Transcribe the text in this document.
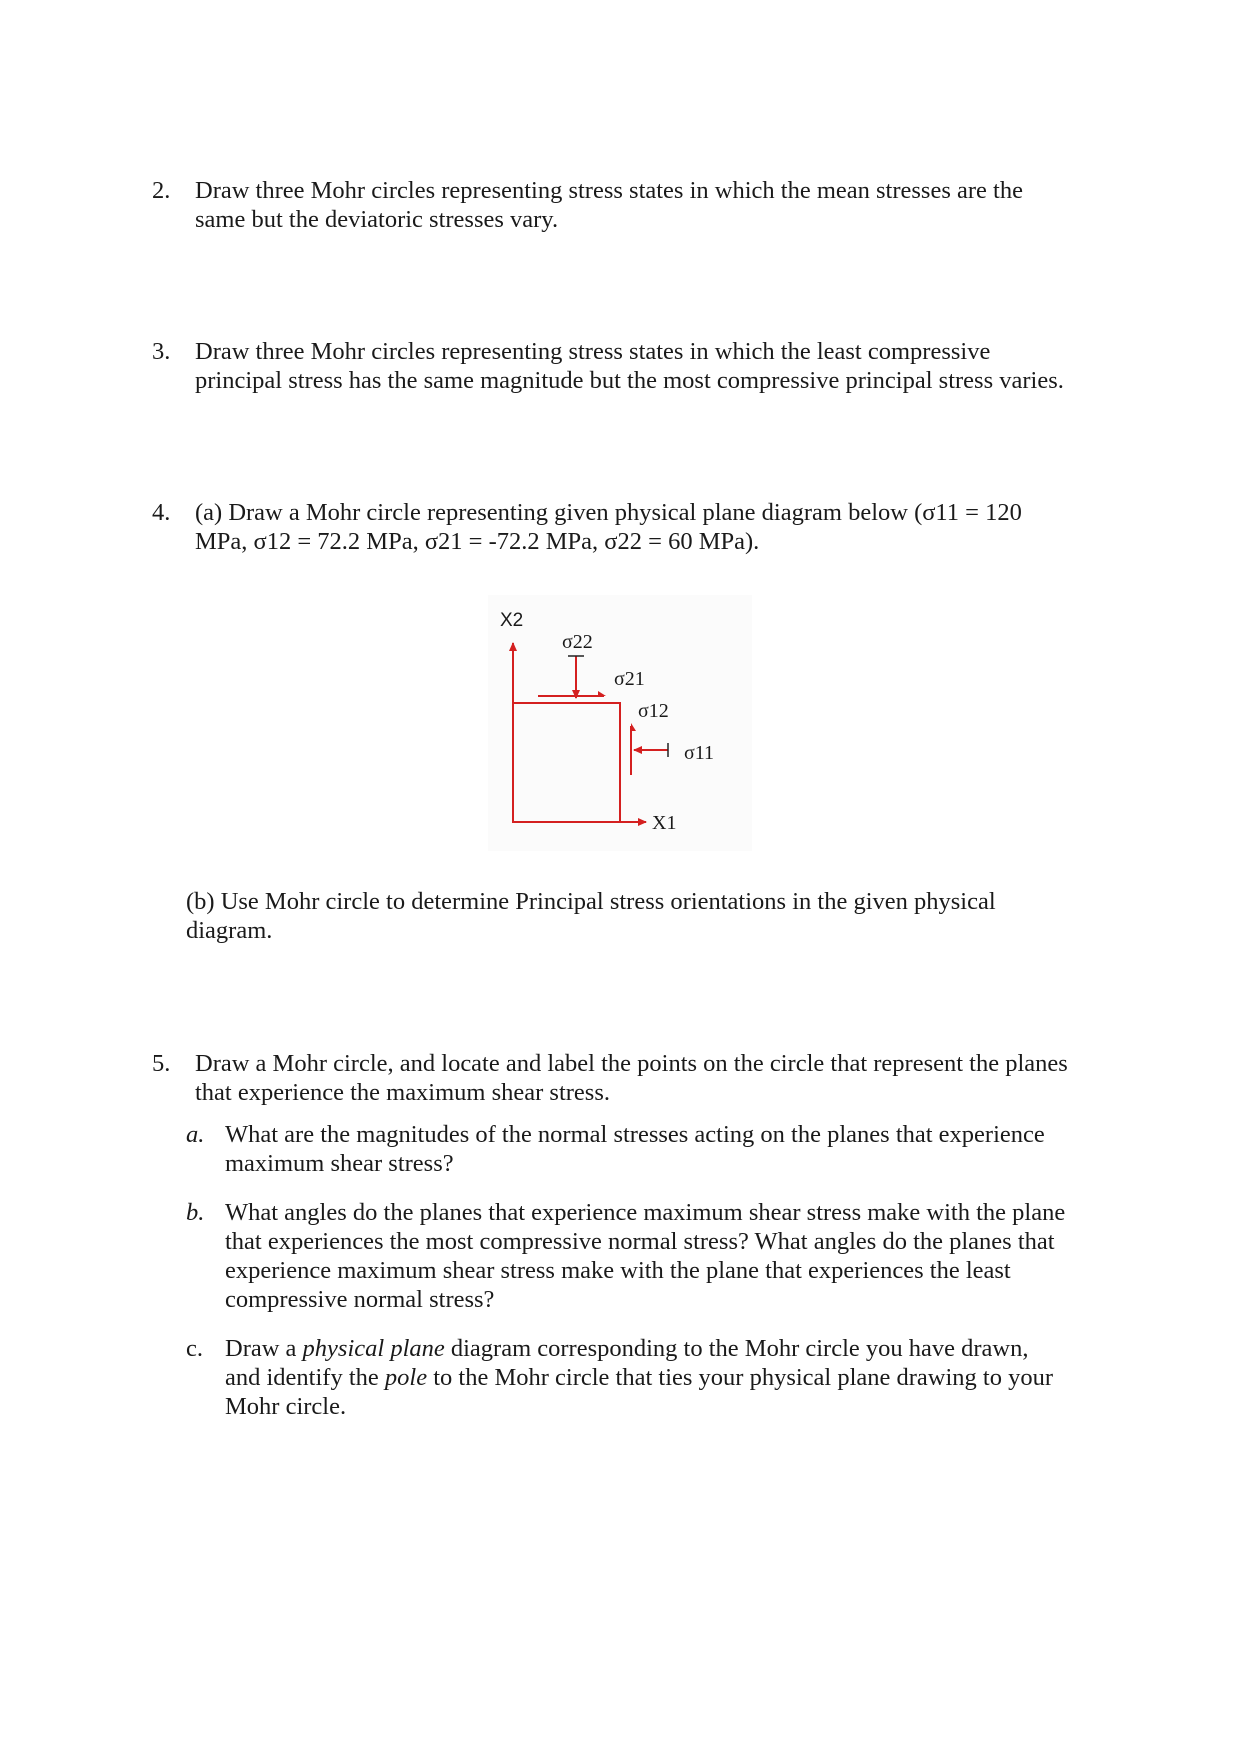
2. Draw three Mohr circles representing stress states in which the mean stresses are the

same but the deviatoric stresses vary.

3. Draw three Mohr circles representing stress states in which the least compressive

principal stress has the same magnitude but the most compressive principal stress varies.

4. (a) Draw a Mohr circle representing given physical plane diagram below (σ11 = 120

MPa, σ12 = 72.2 MPa, σ21 = -72.2 MPa, σ22 = 60 MPa).

X2
X1
σ22
σ21
σ12
σ11

(b) Use Mohr circle to determine Principal stress orientations in the given physical

diagram.

5. Draw a Mohr circle, and locate and label the points on the circle that represent the planes

that experience the maximum shear stress.

a. What are the magnitudes of the normal stresses acting on the planes that experience

maximum shear stress?

b. What angles do the planes that experience maximum shear stress make with the plane

that experiences the most compressive normal stress? What angles do the planes that

experience maximum shear stress make with the plane that experiences the least

compressive normal stress?

c. Draw a physical plane diagram corresponding to the Mohr circle you have drawn,

and identify the pole to the Mohr circle that ties your physical plane drawing to your

Mohr circle.
